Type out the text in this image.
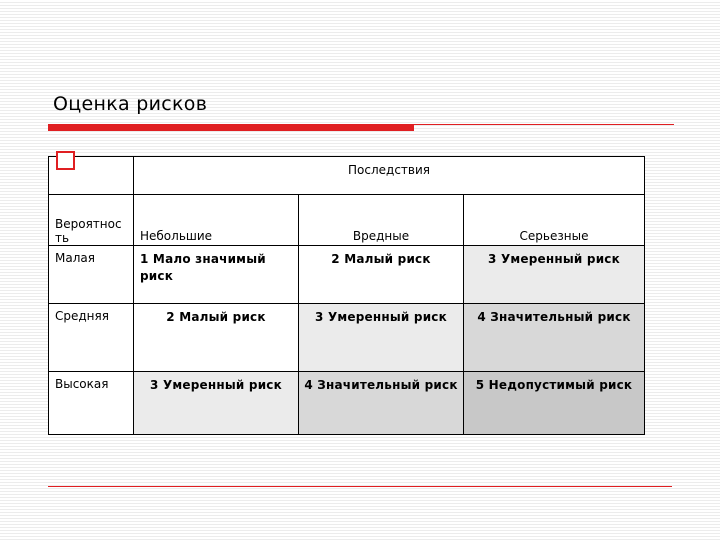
Оценка рисков
	Последствия		
Вероятнос ть	Небольшие	Вредные	Серьезные
Малая	1 Мало значимый риск	2 Малый риск	3 Умеренный риск
Средняя	2 Малый риск	3 Умеренный риск	4 Значительный риск
Высокая	3 Умеренный риск	4 Значительный риск	5 Недопустимый риск
